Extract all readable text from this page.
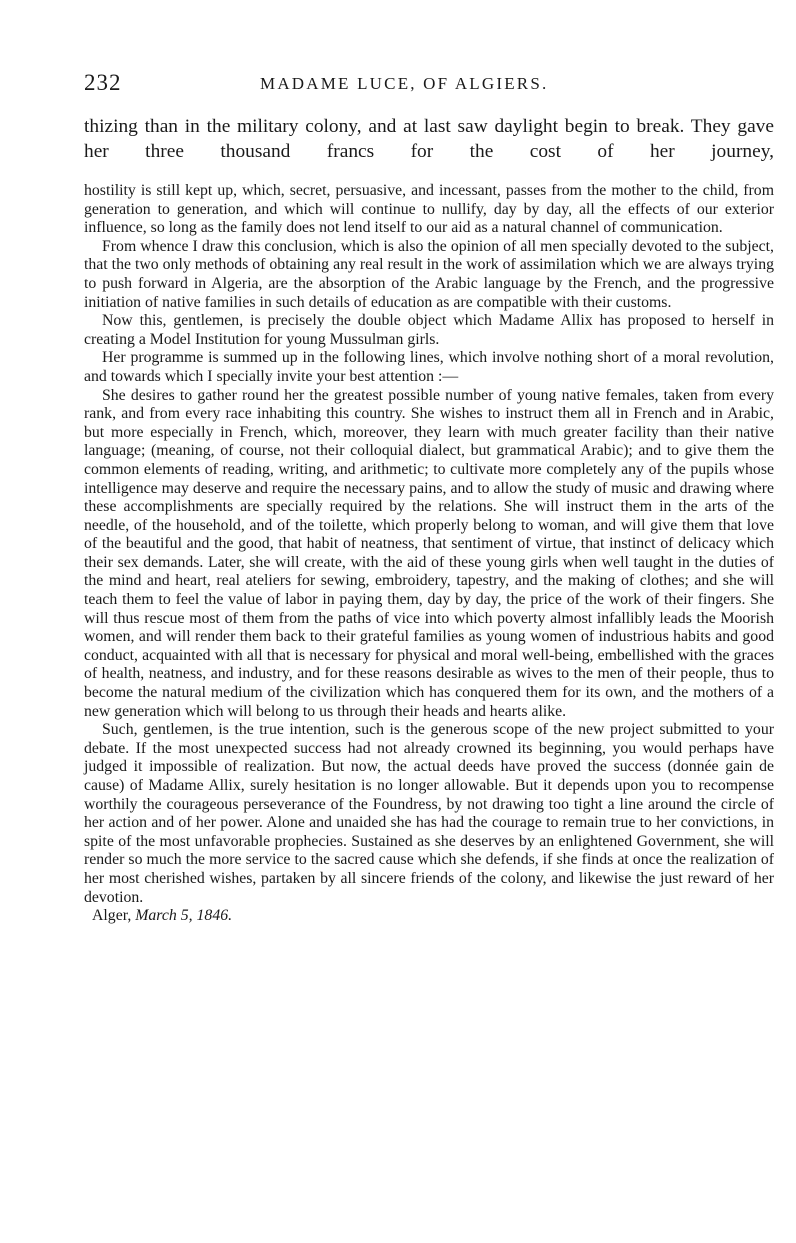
232	MADAME LUCE, OF ALGIERS.

thizing than in the military colony, and at last saw daylight begin to break. They gave her three thousand francs for the cost of her journey,

hostility is still kept up, which, secret, persuasive, and incessant, passes from the mother to the child, from generation to generation, and which will continue to nullify, day by day, all the effects of our exterior influence, so long as the family does not lend itself to our aid as a natural channel of communication.

From whence I draw this conclusion, which is also the opinion of all men specially devoted to the subject, that the two only methods of obtaining any real result in the work of assimilation which we are always trying to push forward in Algeria, are the absorption of the Arabic language by the French, and the progressive initiation of native families in such details of education as are compatible with their customs.

Now this, gentlemen, is precisely the double object which Madame Allix has proposed to herself in creating a Model Institution for young Mussulman girls.

Her programme is summed up in the following lines, which involve nothing short of a moral revolution, and towards which I specially invite your best attention :—

She desires to gather round her the greatest possible number of young native females, taken from every rank, and from every race inhabiting this country. She wishes to instruct them all in French and in Arabic, but more especially in French, which, moreover, they learn with much greater facility than their native language; (meaning, of course, not their colloquial dialect, but grammatical Arabic); and to give them the common elements of reading, writing, and arithmetic; to cultivate more completely any of the pupils whose intelligence may deserve and require the necessary pains, and to allow the study of music and drawing where these accomplishments are specially required by the relations. She will instruct them in the arts of the needle, of the household, and of the toilette, which properly belong to woman, and will give them that love of the beautiful and the good, that habit of neatness, that sentiment of virtue, that instinct of delicacy which their sex demands. Later, she will create, with the aid of these young girls when well taught in the duties of the mind and heart, real ateliers for sewing, embroidery, tapestry, and the making of clothes; and she will teach them to feel the value of labor in paying them, day by day, the price of the work of their fingers. She will thus rescue most of them from the paths of vice into which poverty almost infallibly leads the Moorish women, and will render them back to their grateful families as young women of industrious habits and good conduct, acquainted with all that is necessary for physical and moral well-being, embellished with the graces of health, neatness, and industry, and for these reasons desirable as wives to the men of their people, thus to become the natural medium of the civilization which has conquered them for its own, and the mothers of a new generation which will belong to us through their heads and hearts alike.

Such, gentlemen, is the true intention, such is the generous scope of the new project submitted to your debate. If the most unexpected success had not already crowned its beginning, you would perhaps have judged it impossible of realization. But now, the actual deeds have proved the success (donnée gain de cause) of Madame Allix, surely hesitation is no longer allowable. But it depends upon you to recompense worthily the courageous perseverance of the Foundress, by not drawing too tight a line around the circle of her action and of her power. Alone and unaided she has had the courage to remain true to her convictions, in spite of the most unfavorable prophecies. Sustained as she deserves by an enlightened Government, she will render so much the more service to the sacred cause which she defends, if she finds at once the realization of her most cherished wishes, partaken by all sincere friends of the colony, and likewise the just reward of her devotion.

Alger, March 5, 1846.
